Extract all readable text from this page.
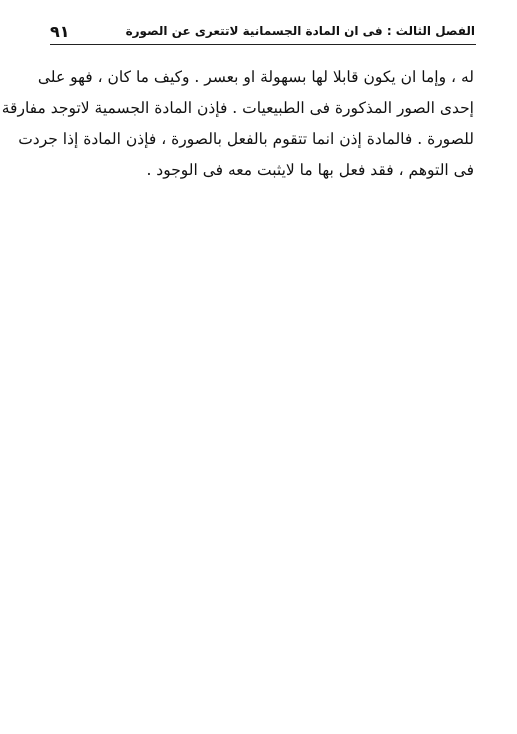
٩١	الفصل الثالث : فى ان المادة الجسمانية لاتتعرى عن الصورة
له ، وإما ان يكون قابلا لها بسهولة او بعسر . وكيف ما كان ، فهو على
إحدى الصور المذكورة فى الطبيعيات . فإذن المادة الجسمية لاتوجد مفارقة
للصورة . فالمادة إذن انما تتقوم بالفعل بالصورة ، فإذن المادة إذا جردت
فى التوهم ، فقد فعل بها ما لايثبت معه فى الوجود .
